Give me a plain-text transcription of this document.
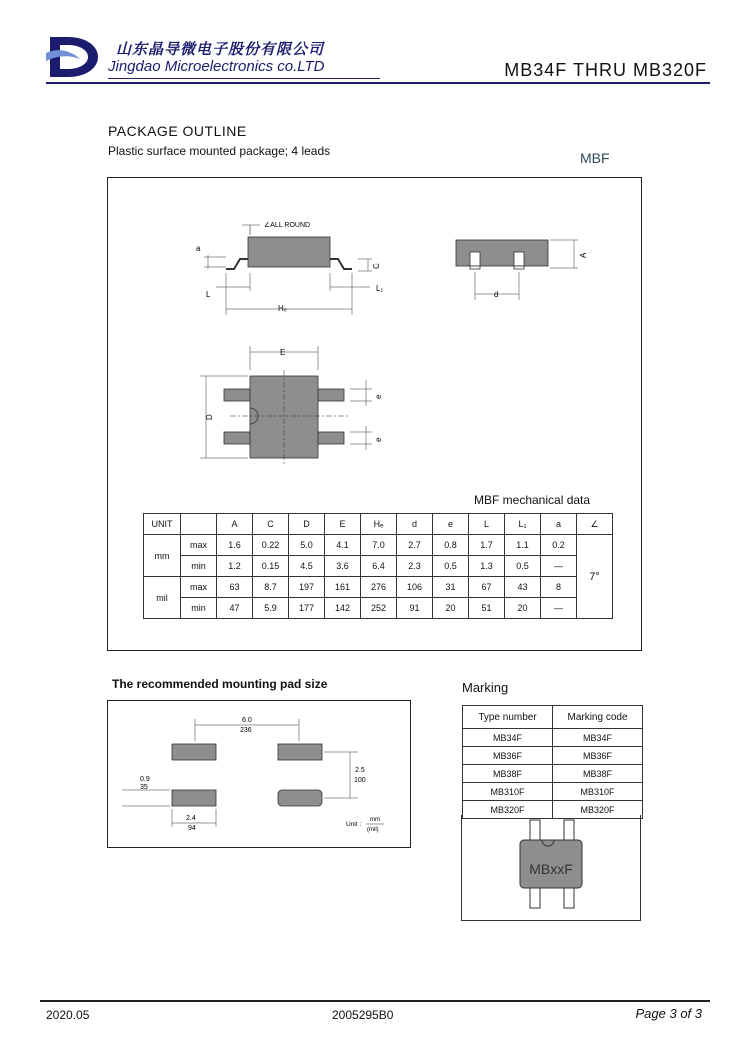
山东晶导微电子股份有限公司
Jingdao Microelectronics co.LTD	MB34F THRU MB320F
PACKAGE OUTLINE
Plastic surface mounted package; 4 leads	MBF
∠ALL ROUND
a
C
L
L₁
Hₑ
A
d
E
D
e
e
MBF mechanical data
UNIT		A	C	D	E	Hₑ	d	e	L	L₁	a	∠
mm	max	1.6	0.22	5.0	4.1	7.0	2.7	0.8	1.7	1.1	0.2	7°
	min	1.2	0.15	4.5	3.6	6.4	2.3	0.5	1.3	0.5	—	
mil	max	63	8.7	197	161	276	106	31	67	43	8	
	min	47	5.9	177	142	252	91	20	51	20	—	
The recommended mounting pad size
6.0
236
2.5
100
0.9
35
2.4
94
Unit :
mm
(mil)
Marking
Type number	Marking code
MB34F	MB34F
MB36F	MB36F
MB38F	MB38F
MB310F	MB310F
MB320F	MB320F
MBxxF
2020.05	2005295B0	Page 3 of 3
